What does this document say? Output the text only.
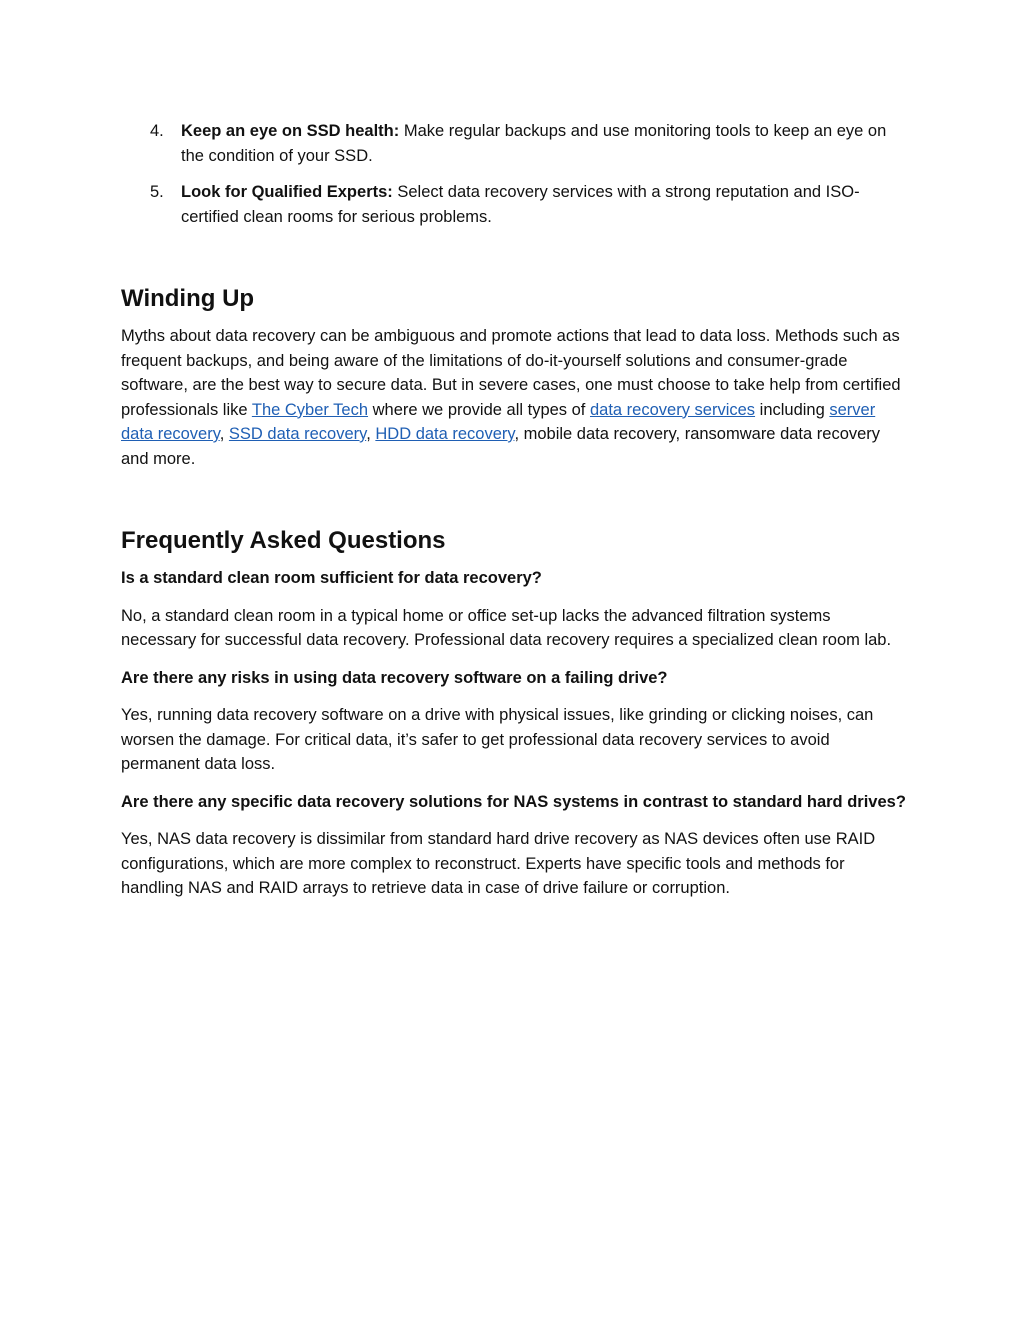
4. Keep an eye on SSD health: Make regular backups and use monitoring tools to keep an eye on the condition of your SSD.
5. Look for Qualified Experts: Select data recovery services with a strong reputation and ISO-certified clean rooms for serious problems.
Winding Up

Myths about data recovery can be ambiguous and promote actions that lead to data loss. Methods such as frequent backups, and being aware of the limitations of do-it-yourself solutions and consumer-grade software, are the best way to secure data. But in severe cases, one must choose to take help from certified professionals like The Cyber Tech where we provide all types of data recovery services including server data recovery, SSD data recovery, HDD data recovery, mobile data recovery, ransomware data recovery and more.

Frequently Asked Questions

Is a standard clean room sufficient for data recovery?

No, a standard clean room in a typical home or office set-up lacks the advanced filtration systems necessary for successful data recovery. Professional data recovery requires a specialized clean room lab.

Are there any risks in using data recovery software on a failing drive?

Yes, running data recovery software on a drive with physical issues, like grinding or clicking noises, can worsen the damage. For critical data, it’s safer to get professional data recovery services to avoid permanent data loss.

Are there any specific data recovery solutions for NAS systems in contrast to standard hard drives?

Yes, NAS data recovery is dissimilar from standard hard drive recovery as NAS devices often use RAID configurations, which are more complex to reconstruct. Experts have specific tools and methods for handling NAS and RAID arrays to retrieve data in case of drive failure or corruption.
